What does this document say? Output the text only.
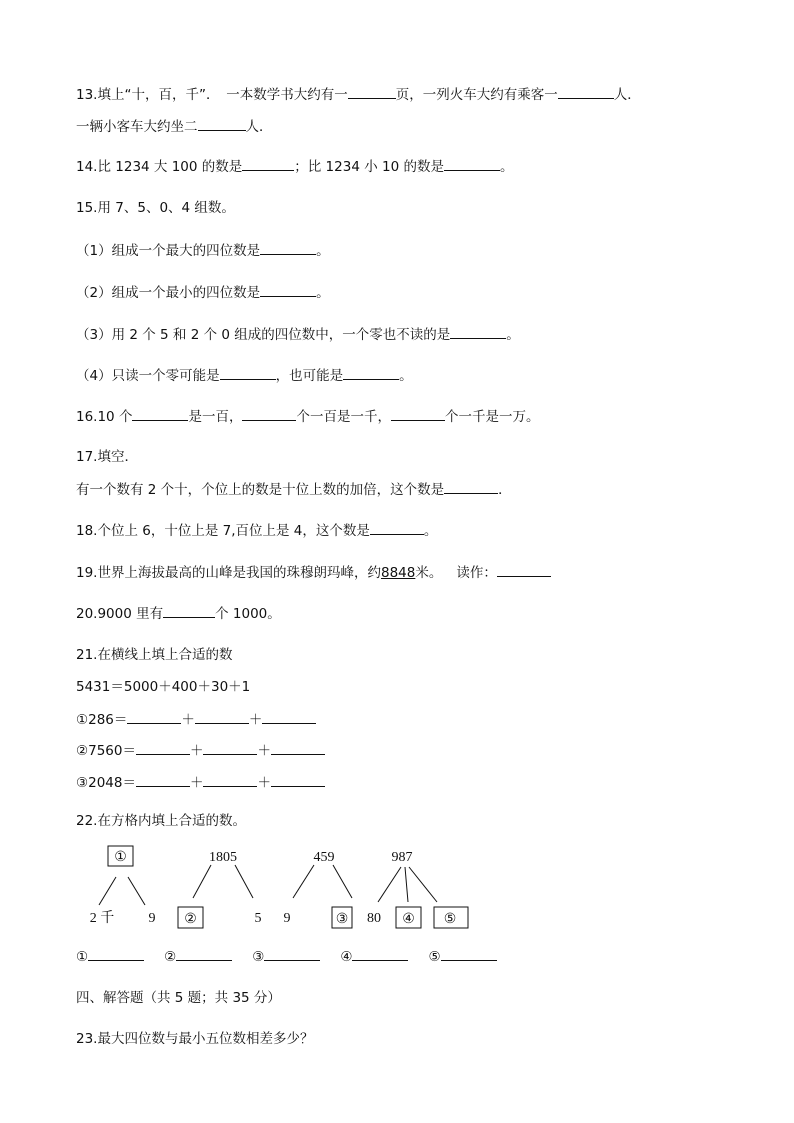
13.填上“十，百，千”．　一本数学书大约有一	页，一列火车大约有乘客一	人．
一辆小客车大约坐二	人．
14.比 1234 大 100 的数是	；比 1234 小 10 的数是	。
15.用 7、5、0、4 组数。
（1）组成一个最大的四位数是	。
（2）组成一个最小的四位数是	。
（3）用 2 个 5 和 2 个 0 组成的四位数中，一个零也不读的是	。
（4）只读一个零可能是	，也可能是	。
16.10 个	是一百，	个一百是一千，	个一千是一万。
17.填空．
有一个数有 2 个十，个位上的数是十位上数的加倍，这个数是	．
18.个位上 6，十位上是 7,百位上是 4，这个数是	。
19.世界上海拔最高的山峰是我国的珠穆朗玛峰，约8848米。 读作：
20.9000 里有	个 1000。
21.在横线上填上合适的数
5431＝5000＋400＋30＋1
①286＝	＋	＋
②7560＝	＋	＋
③2048＝	＋	＋
22.在方格内填上合适的数。
①
2 千 9
1805
②	5
459
9	③
987
80 ④ ⑤
①	②	③	④	⑤
四、解答题（共 5 题；共 35 分）
23.最大四位数与最小五位数相差多少？
